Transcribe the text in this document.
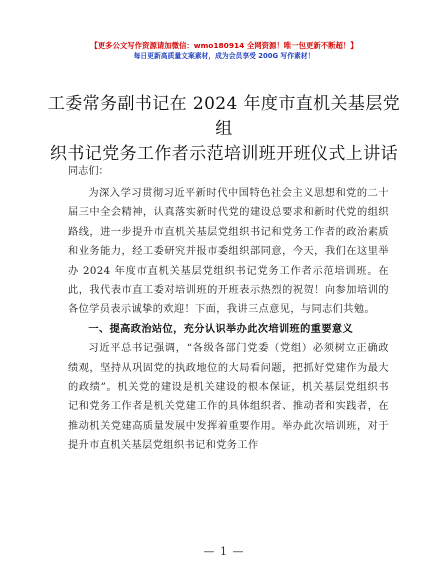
【更多公文写作资源请加微信：wmo180914 全网资源！唯一包更新不断超！】
每日更新高质量文案素材，成为会员享受 200G 写作素材！
工委常务副书记在 2024 年度市直机关基层党组
织书记党务工作者示范培训班开班仪式上讲话
同志们：

为深入学习贯彻习近平新时代中国特色社会主义思想和党的二十届三中全会精神，认真落实新时代党的建设总要求和新时代党的组织路线，进一步提升市直机关基层党组织书记和党务工作者的政治素质和业务能力，经工委研究并报市委组织部同意，今天，我们在这里举办 2024 年度市直机关基层党组织书记党务工作者示范培训班。在此，我代表市直工委对培训班的开班表示热烈的祝贺！向参加培训的各位学员表示诚挚的欢迎！下面，我讲三点意见，与同志们共勉。

一、提高政治站位，充分认识举办此次培训班的重要意义

习近平总书记强调，“各级各部门党委（党组）必须树立正确政绩观，坚持从巩固党的执政地位的大局看问题，把抓好党建作为最大的政绩”。机关党的建设是机关建设的根本保证，机关基层党组织书记和党务工作者是机关党建工作的具体组织者、推动者和实践者，在推动机关党建高质量发展中发挥着重要作用。举办此次培训班，对于提升市直机关基层党组织书记和党务工作

— 1 —
